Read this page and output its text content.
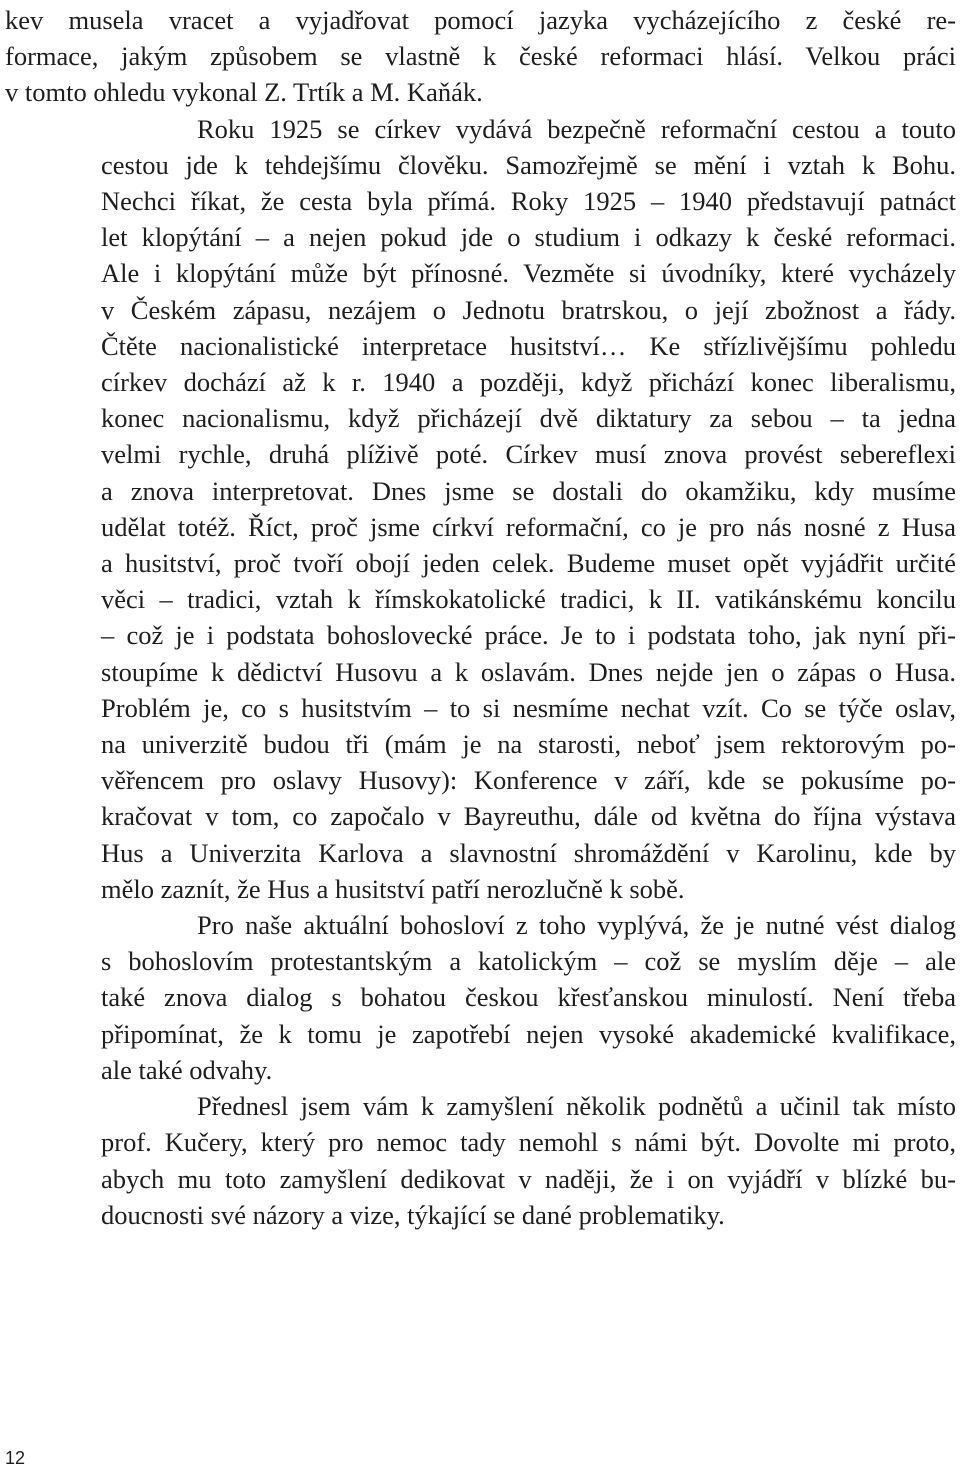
kev musela vracet a vyjadřovat pomocí jazyka vycházejícího z české re-
formace, jakým způsobem se vlastně k české reformaci hlásí. Velkou práci
v tomto ohledu vykonal Z. Trtík a M. Kaňák.

Roku 1925 se církev vydává bezpečně reformační cestou a touto
cestou jde k tehdejšímu člověku. Samozřejmě se mění i vztah k Bohu.
Nechci říkat, že cesta byla přímá. Roky 1925 – 1940 představují patnáct
let klopýtání – a nejen pokud jde o studium i odkazy k české reformaci.
Ale i klopýtání může být přínosné. Vezměte si úvodníky, které vycházely
v Českém zápasu, nezájem o Jednotu bratrskou, o její zbožnost a řády.
Čtěte nacionalistické interpretace husitství… Ke střízlivějšímu pohledu
církev dochází až k r. 1940 a později, když přichází konec liberalismu,
konec nacionalismu, když přicházejí dvě diktatury za sebou – ta jedna
velmi rychle, druhá plíživě poté. Církev musí znova provést sebereflexi
a znova interpretovat. Dnes jsme se dostali do okamžiku, kdy musíme
udělat totéž. Říct, proč jsme církví reformační, co je pro nás nosné z Husa
a husitství, proč tvoří obojí jeden celek. Budeme muset opět vyjádřit určité
věci – tradici, vztah k římskokatolické tradici, k II. vatikánskému koncilu
– což je i podstata bohoslovecké práce. Je to i podstata toho, jak nyní při-
stoupíme k dědictví Husovu a k oslavám. Dnes nejde jen o zápas o Husa.
Problém je, co s husitstvím – to si nesmíme nechat vzít. Co se týče oslav,
na univerzitě budou tři (mám je na starosti, neboť jsem rektorovým po-
věřencem pro oslavy Husovy): Konference v září, kde se pokusíme po-
kračovat v tom, co započalo v Bayreuthu, dále od května do října výstava
Hus a Univerzita Karlova a slavnostní shromáždění v Karolinu, kde by
mělo zaznít, že Hus a husitství patří nerozlučně k sobě.

Pro naše aktuální bohosloví z toho vyplývá, že je nutné vést dialog
s bohoslovím protestantským a katolickým – což se myslím děje – ale
také znova dialog s bohatou českou křesťanskou minulostí. Není třeba
připomínat, že k tomu je zapotřebí nejen vysoké akademické kvalifikace,
ale také odvahy.

Přednesl jsem vám k zamyšlení několik podnětů a učinil tak místo
prof. Kučery, který pro nemoc tady nemohl s námi být. Dovolte mi proto,
abych mu toto zamyšlení dedikovat v naději, že i on vyjádří v blízké bu-
doucnosti své názory a vize, týkající se dané problematiky.

12
